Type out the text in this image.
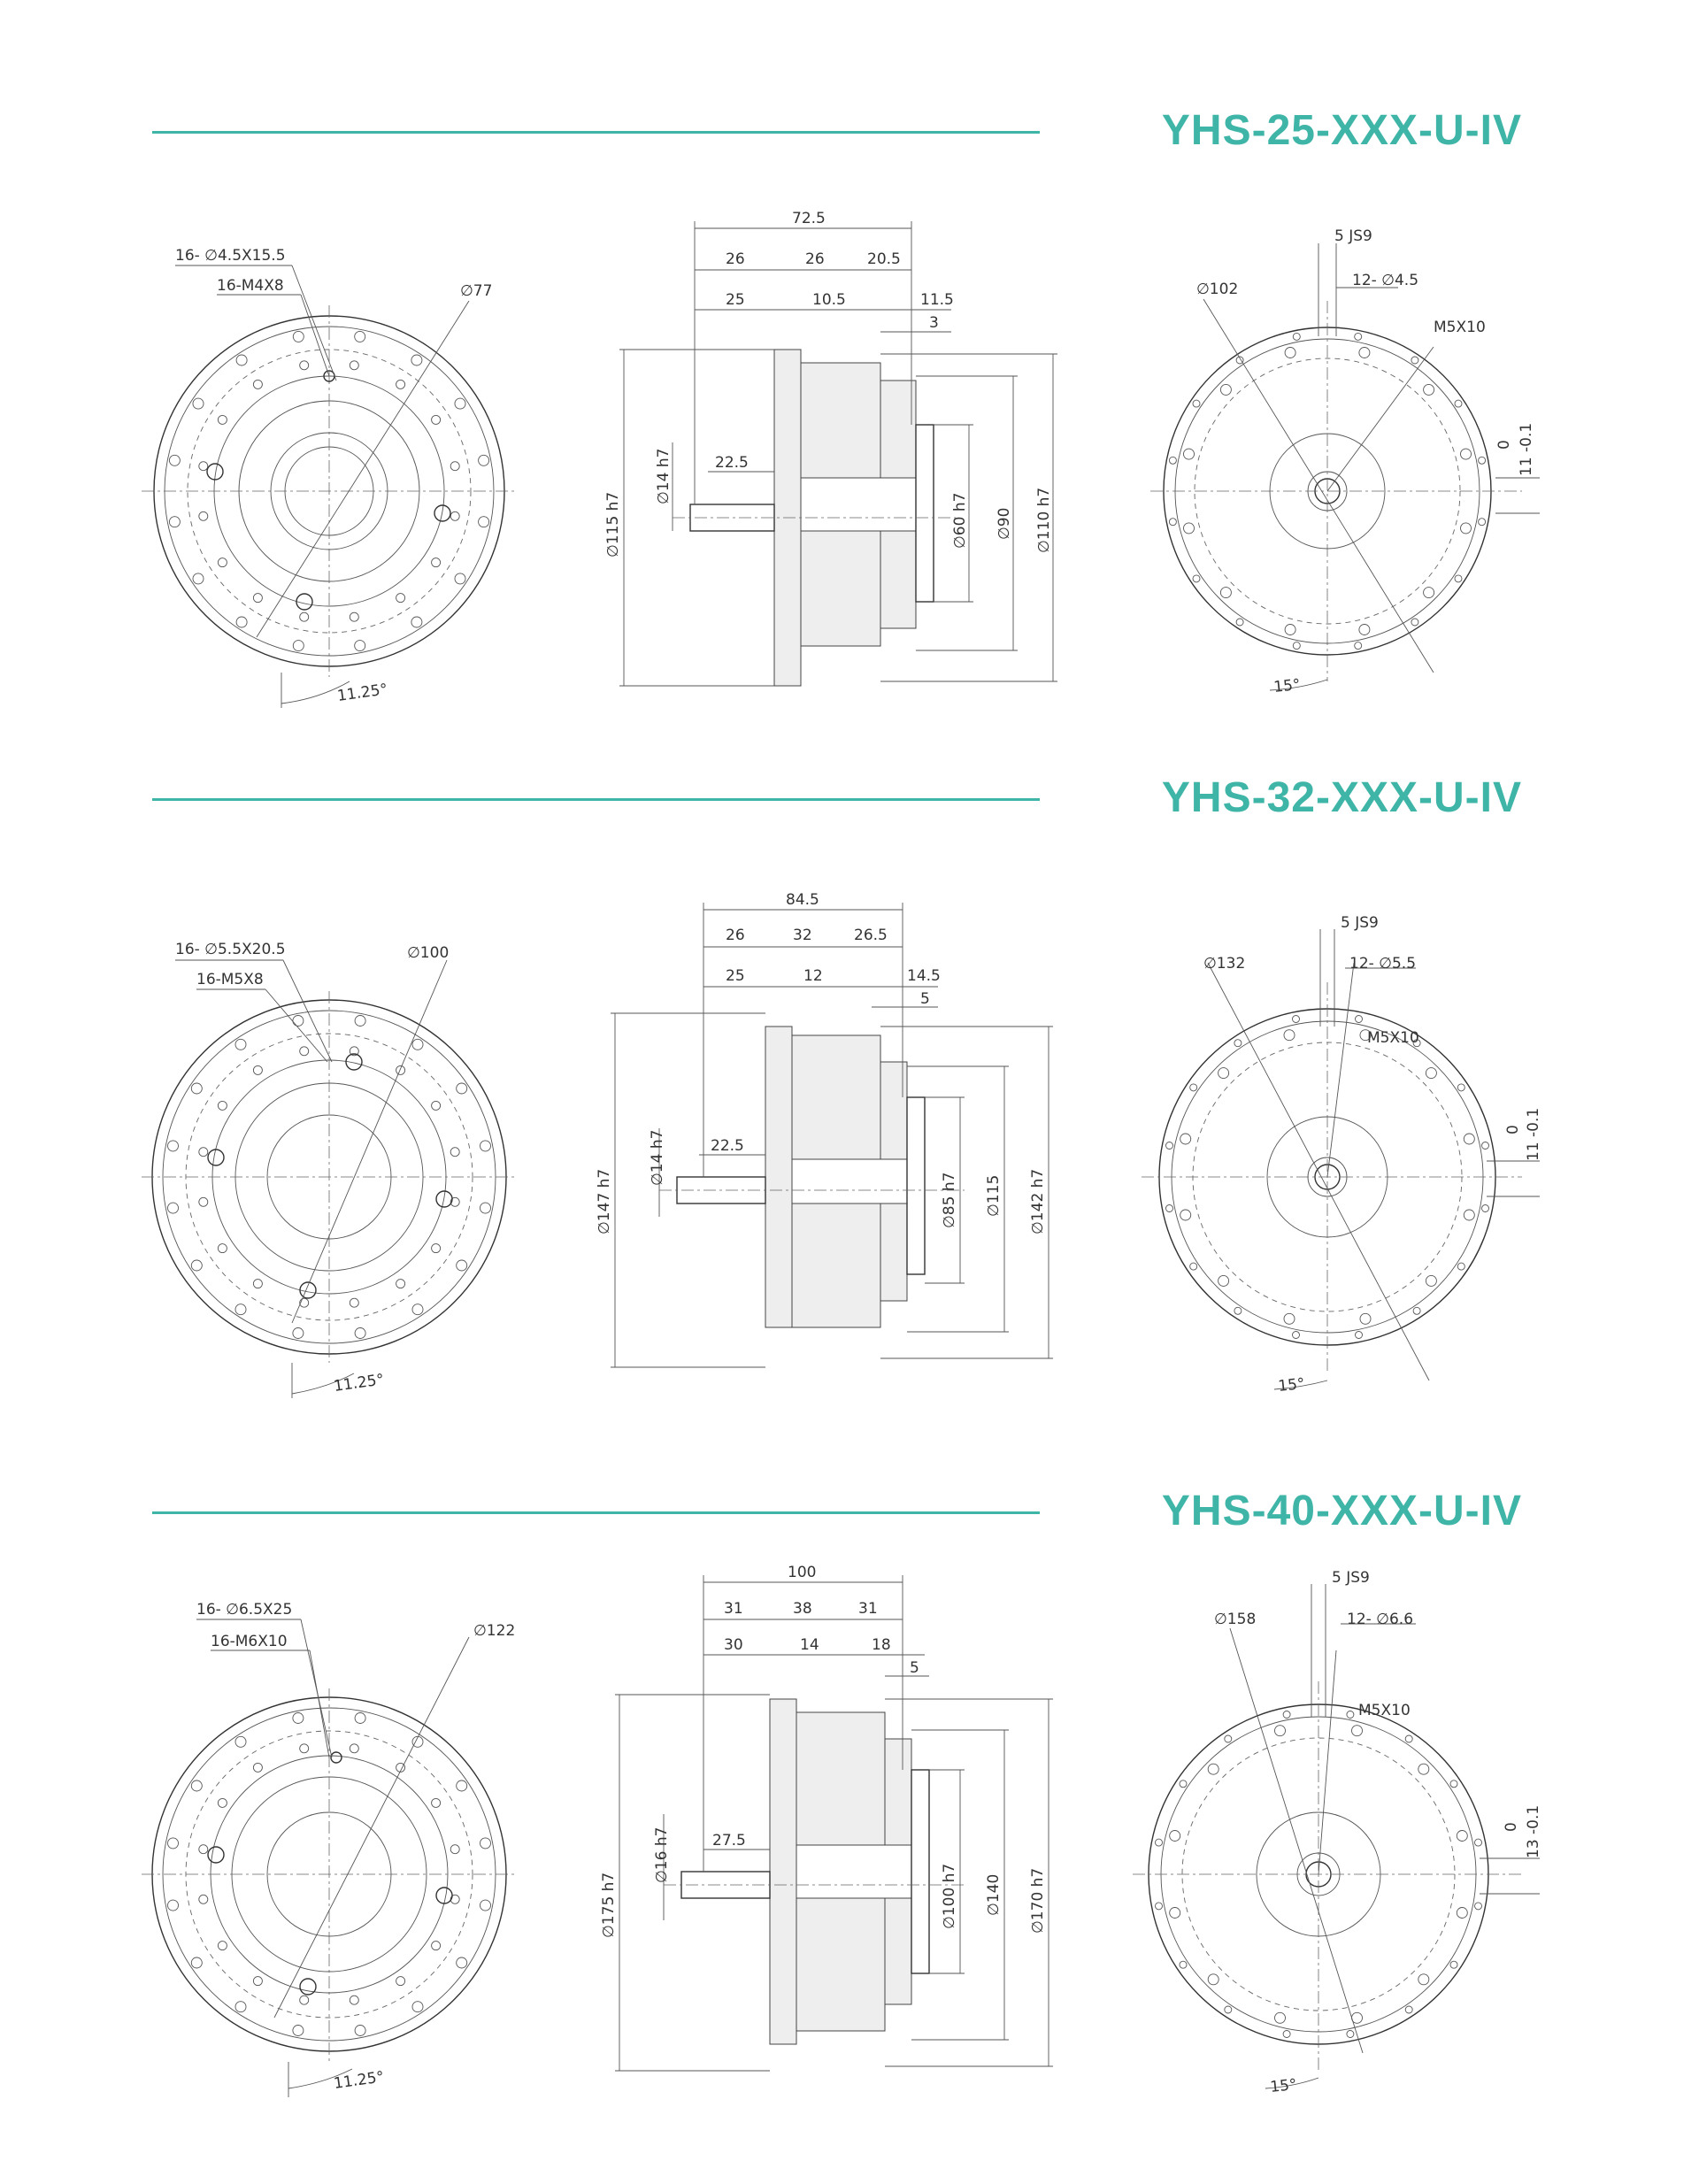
YHS-25-XXX-U-IV
16- ∅4.5X15.5
16-M4X8	∅77
11.25°
72.5
26	26	20.5
25	10.5	11.5
3
22.5
∅14 h7
∅115 h7	∅60 h7 ∅90 ∅110 h7
5 JS9
∅102	12- ∅4.5
M5X10
0 11 -0.1
15°
YHS-32-XXX-U-IV
16- ∅5.5X20.5
16-M5X8
∅100
11.25°
84.5
26	32	26.5
25	12	14.5
5
22.5
∅14 h7
∅147 h7	∅85 h7 ∅115 ∅142 h7
5 JS9
∅132	12- ∅5.5
M5X10
0 11 -0.1
15°
YHS-40-XXX-U-IV
16- ∅6.5X25
16-M6X10
∅122
11.25°
100
31	38	31
30	14	18
5
27.5
∅16 h7
∅175 h7	∅100 h7 ∅140 ∅170 h7
5 JS9
∅158	12- ∅6.6
M5X10
0 13 -0.1
15°
